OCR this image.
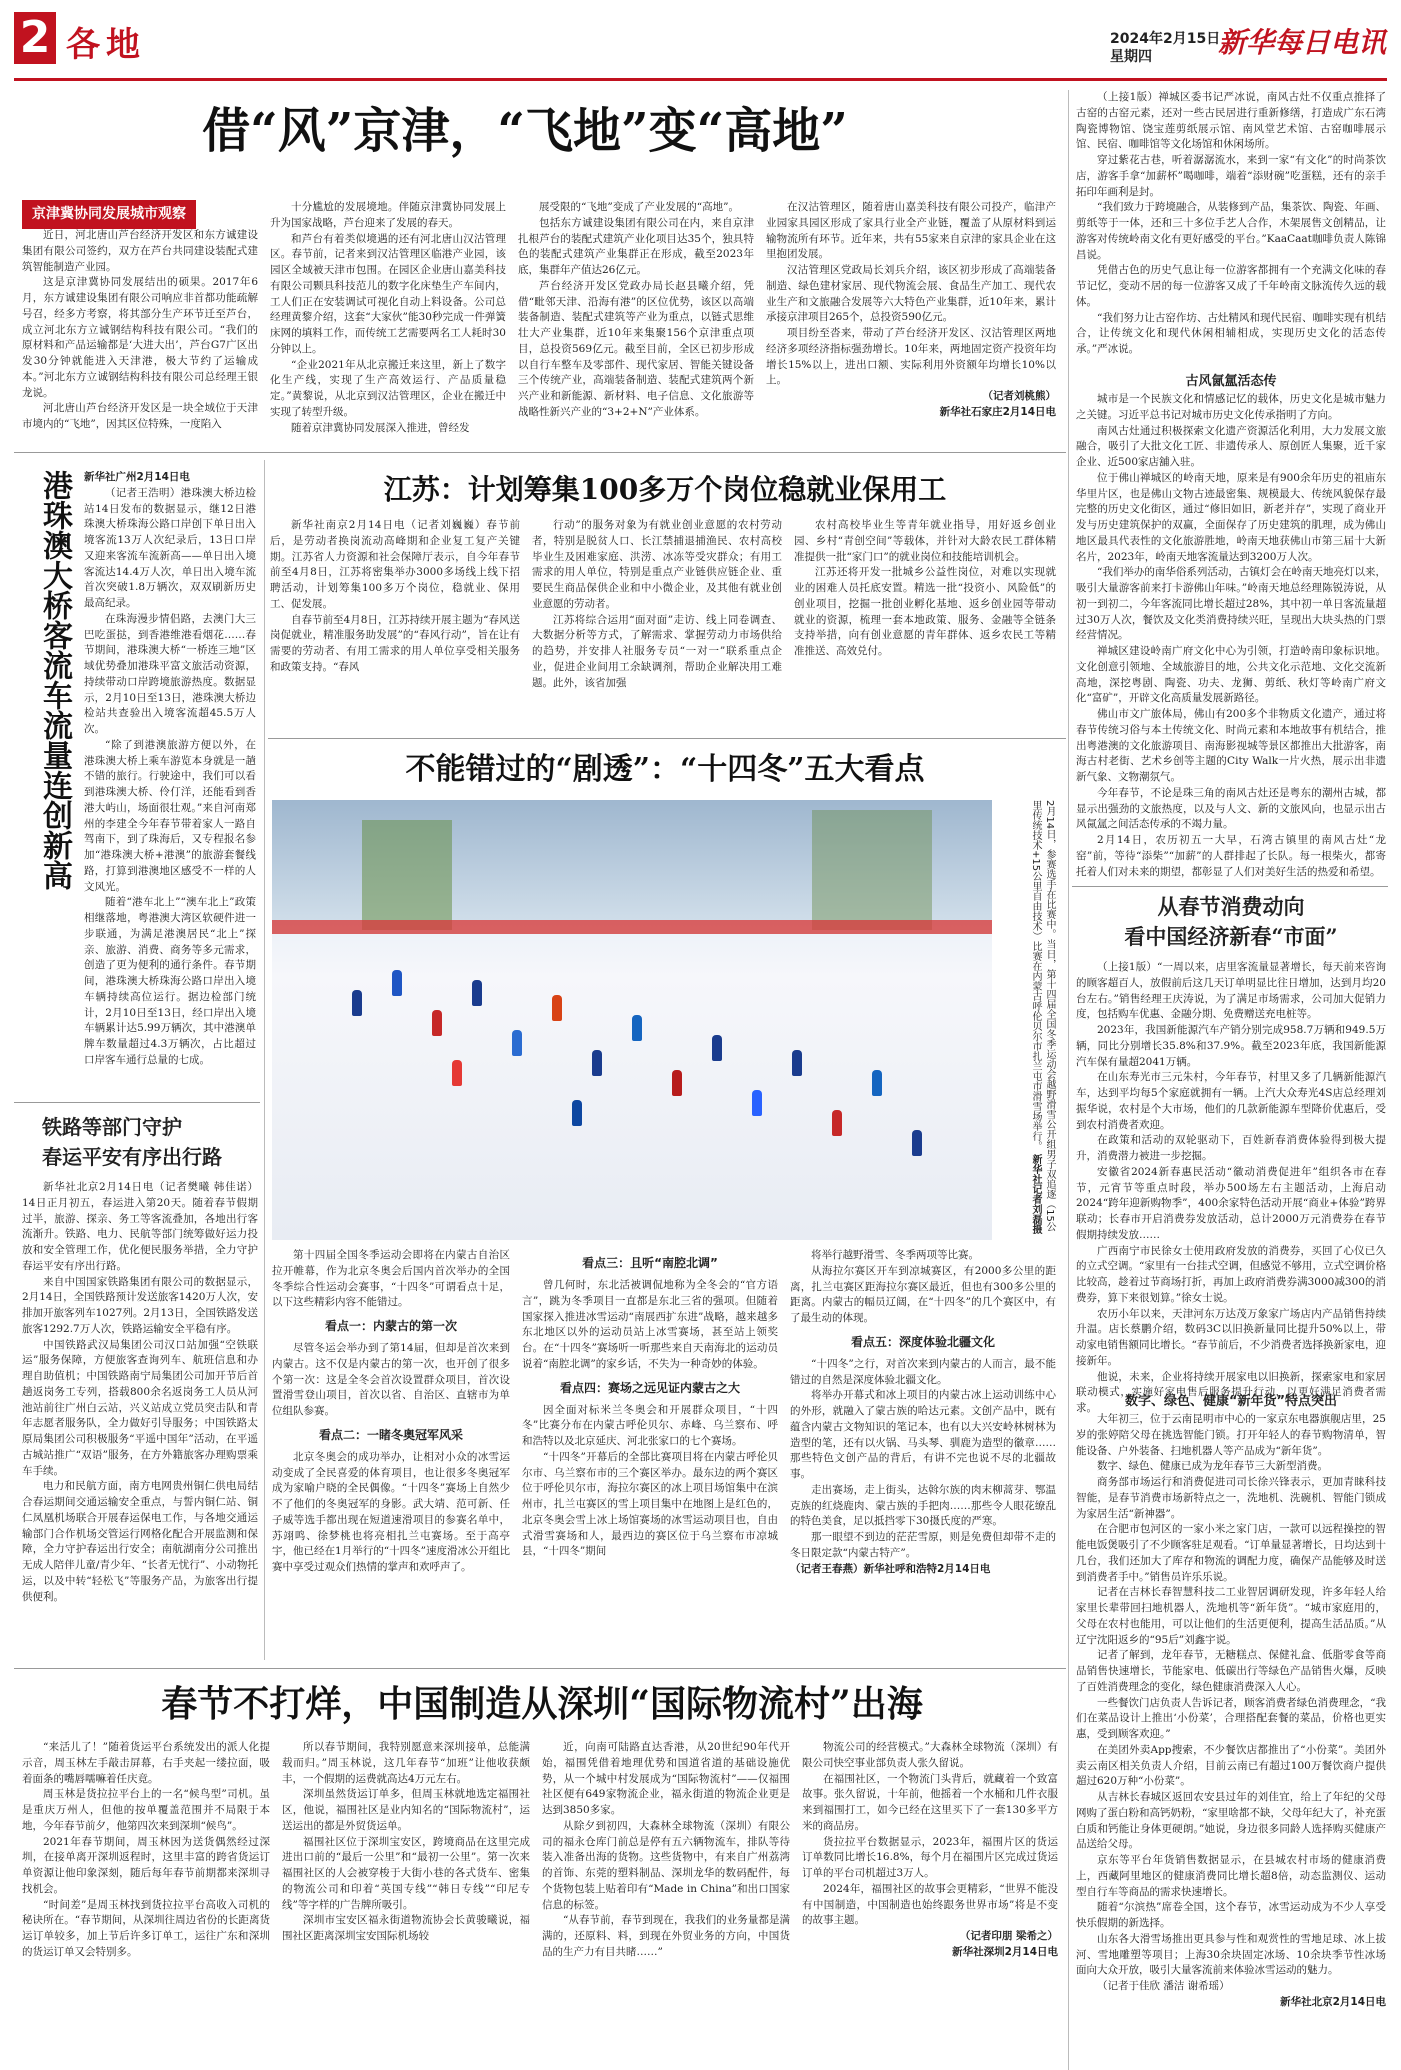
2 各地	2024年2月15日
星期四	新华每日电讯
借“风”京津，“飞地”变“高地”
京津冀协同发展城市观察

近日，河北唐山芦台经济开发区和东方诚建设集团有限公司签约，双方在芦台共同建设装配式建筑智能制造产业园。

这是京津冀协同发展结出的硕果。2017年6月，东方诚建设集团有限公司响应非首都功能疏解号召，经多方考察，将其部分生产环节迁至芦台，成立河北东方立诚钢结构科技有限公司。“我们的原材料和产品运输都是‘大进大出’，芦台G7广区出发30分钟就能进入天津港，极大节约了运输成本。”河北东方立诚钢结构科技有限公司总经理王银龙说。

河北唐山芦台经济开发区是一块全域位于天津市境内的“飞地”，因其区位特殊，一度陷入

十分尴尬的发展境地。伴随京津冀协同发展上升为国家战略，芦台迎来了发展的春天。

和芦台有着类似境遇的还有河北唐山汉沽管理区。春节前，记者来到汉沽管理区临港产业园，该园区全域被天津市包围。在园区企业唐山嘉美科技有限公司颗具科技范儿的数字化床垫生产车间内，工人们正在安装调试可视化自动上料设备。公司总经理黄黎介绍，这套“大家伙”能30秒完成一件弹簧床网的填料工作，而传统工艺需要两名工人耗时30分钟以上。

“企业2021年从北京搬迁来这里，新上了数字化生产线，实现了生产高效运行、产品质量稳定。”黄黎说，从北京到汉沽管理区，企业在搬迁中实现了转型升级。

随着京津冀协同发展深入推进，曾经发

展受限的“飞地”变成了产业发展的“高地”。

包括东方诚建设集团有限公司在内，来自京津扎根芦台的装配式建筑产业化项目达35个，独具特色的装配式建筑产业集群正在形成，截至2023年底，集群年产值达26亿元。

芦台经济开发区党政办局长赵县曦介绍，凭借“毗邻天津、沿海有港”的区位优势，该区以高端装备制造、装配式建筑等产业为重点，以链式思维壮大产业集群，近10年来集聚156个京津重点项目，总投资569亿元。截至目前，全区已初步形成以自行车整车及零部件、现代家居、智能关键设备三个传统产业，高端装备制造、装配式建筑两个新兴产业和新能源、新材料、电子信息、文化旅游等战略性新兴产业的“3+2+N”产业体系。

在汉沽管理区，随着唐山嘉美科技有限公司投产，临津产业园家具园区形成了家具行业全产业链，覆盖了从原材料到运输物流所有环节。近年来，共有55家来自京津的家具企业在这里抱团发展。

汉沽管理区党政局长刘兵介绍，该区初步形成了高端装备制造、绿色建材家居、现代物流会展、食品生产加工、现代农业生产和文旅融合发展等六大特色产业集群，近10年来，累计承接京津项目265个，总投资590亿元。

项目纷至沓来，带动了芦台经济开发区、汉沽管理区两地经济多项经济指标强劲增长。10年来，两地固定资产投资年均增长15%以上，进出口额、实际利用外资额年均增长10%以上。

（记者刘桃熊）
新华社石家庄2月14日电
港珠澳大桥客流车流量连创新高 新华社广州2月14日电

（记者王浩明）港珠澳大桥边检站14日发布的数据显示，继12日港珠澳大桥珠海公路口岸创下单日出入境客流13万人次纪录后，13日口岸又迎来客流车流新高——单日出入境客流达14.4万人次，单日出入境车流首次突破1.8万辆次，双双刷新历史最高纪录。

在珠海漫步情侣路，去澳门大三巴吃蛋挞，到香港维港看烟花……春节期间，港珠澳大桥“一桥连三地”区域优势叠加港珠平富文旅活动资源，持续带动口岸跨境旅游热度。数据显示，2月10日至13日，港珠澳大桥边检站共查验出入境客流超45.5万人次。

“除了到港澳旅游方便以外，在港珠澳大桥上乘车游览本身就是一趟不错的旅行。行驶途中，我们可以看到港珠澳大桥、伶仃洋，还能看到香港大屿山，场面很壮观。”来自河南郑州的李建全今年春节带着家人一路自驾南下，到了珠海后，又专程报名参加“港珠澳大桥+港澳”的旅游套餐线路，打算到港澳地区感受不一样的人文风光。

随着“港车北上”“澳车北上”政策相继落地，粤港澳大湾区软硬件进一步联通，为满足港澳居民“北上”探亲、旅游、消费、商务等多元需求，创造了更为便利的通行条件。春节期间，港珠澳大桥珠海公路口岸出入境车辆持续高位运行。据边检部门统计，2月10日至13日，经口岸出入境车辆累计达5.99万辆次，其中港澳单牌车数量超过4.3万辆次，占比超过口岸客车通行总量的七成。

铁路等部门守护
春运平安有序出行路

新华社北京2月14日电（记者樊曦 韩佳诺）14日正月初五，春运进入第20天。随着春节假期过半，旅游、探亲、务工等客流叠加，各地出行客流渐升。铁路、电力、民航等部门统筹做好运力投放和安全管理工作，优化便民服务举措，全力守护春运平安有序出行路。

来自中国国家铁路集团有限公司的数据显示，2月14日，全国铁路预计发送旅客1420万人次，安排加开旅客列车1027列。2月13日，全国铁路发送旅客1292.7万人次，铁路运输安全平稳有序。

中国铁路武汉局集团公司汉口站加强“空铁联运”服务保障，方便旅客查询列车、航班信息和办理自助值机；中国铁路南宁局集团公司加开节后首趟返岗务工专列，搭载800余名返岗务工人员从河池站前往广州白云站，兴义站成立党员突击队和青年志愿者服务队，全力做好引导服务；中国铁路太原局集团公司积极服务“平遥中国年”活动，在平遥古城站推广“双语”服务，在方外籍旅客办理购票乘车手续。

电力和民航方面，南方电网贵州铜仁供电局结合春运期间交通运输安全重点，与誓内铜仁站、铜仁凤凰机场联合开展春运保电工作，与各地交通运输部门合作机场交管运行网格化配合开展监测和保障，全力守护春运出行安全；南航湖南分公司推出无成人陪伴儿童/青少年、“长者无忧行”、小动物托运，以及中转“轻松飞”等服务产品，为旅客出行提供便利。

江苏：计划筹集100多万个岗位稳就业保用工

新华社南京2月14日电（记者刘巍巍）春节前后，是劳动者换岗流动高峰期和企业复工复产关键期。江苏省人力资源和社会保障厅表示，自今年春节前至4月8日，江苏将密集举办3000多场线上线下招聘活动，计划筹集100多万个岗位，稳就业、保用工、促发展。

自春节前至4月8日，江苏持续开展主题为“春风送岗促就业，精准服务助发展”的“春风行动”，旨在让有需要的劳动者、有用工需求的用人单位享受相关服务和政策支持。“春风

行动”的服务对象为有就业创业意愿的农村劳动者，特别是脱贫人口、长江禁捕退捕渔民、农村高校毕业生及困难家庭、洪涝、冰冻等受灾群众；有用工需求的用人单位，特别是重点产业链供应链企业、重要民生商品保供企业和中小微企业，及其他有就业创业意愿的劳动者。

江苏将综合运用“面对面”走访、线上同卷调查、大数据分析等方式，了解需求、掌握劳动力市场供给的趋势，并安排人社服务专员“一对一”联系重点企业，促进企业间用工余缺调剂，帮助企业解决用工难题。此外，该省加强

农村高校毕业生等青年就业指导，用好返乡创业园、乡村“青创空间”等载体，并针对大龄农民工群体精准提供一批“家门口”的就业岗位和技能培训机会。

江苏还将开发一批城乡公益性岗位，对难以实现就业的困难人员托底安置。精选一批“投资小、风险低”的创业项目，挖掘一批创业孵化基地、返乡创业园等带动就业的资源，梳理一套本地政策、服务、金融等全链条支持举措，向有创业意愿的青年群体、返乡农民工等精准推送、高效兑付。

不能错过的“剧透”：“十四冬”五大看点
2月14日，参赛选手在比赛中。当日，第十四届全国冬季运动会越野滑雪公开组男子双追逐（15公里传统技术+15公里自由技术）比赛在内蒙古呼伦贝尔市扎兰屯市滑雪场举行。 新华社记者刘磊摄

第十四届全国冬季运动会即将在内蒙古自治区拉开帷幕，作为北京冬奥会后国内首次举办的全国冬季综合性运动会赛事，“十四冬”可谓看点十足，以下这些精彩内容不能错过。

看点一：内蒙古的第一次

尽管冬运会举办到了第14届，但却是首次来到内蒙古。这不仅是内蒙古的第一次，也开创了很多个第一次：这是全冬会首次设置群众项目，首次设置滑雪登山项目，首次以省、自治区、直辖市为单位组队参赛。

看点二：一睹冬奥冠军风采

北京冬奥会的成功举办，让相对小众的冰雪运动变成了全民喜爱的体育项目，也让很多冬奥冠军成为家喻户晓的全民偶像。“十四冬”赛场上自然少不了他们的冬奥冠军的身影。武大靖、范可新、任子威等选手都出现在短道速滑项目的参赛名单中，苏翊鸣、徐梦桃也将亮相扎兰屯赛场。至于高亭宇，他已经在1月举行的“十四冬”速度滑冰公开组比赛中享受过观众们热情的掌声和欢呼声了。

看点三：且听“南腔北调”

曾几何时，东北活被调侃地称为全冬会的“官方语言”，跳为冬季项目一直都是东北三省的强项。但随着国家探入推进冰雪运动“南展西扩东进”战略，越来越多东北地区以外的运动员站上冰雪赛场，甚至站上领奖台。在“十四冬”赛场听一听那些来自天南海北的运动员说着“南腔北调”的家乡话，不失为一种奇妙的体验。

看点四：赛场之远见证内蒙古之大

因全面对标米兰冬奥会和开展群众项目，“十四冬”比赛分布在内蒙古呼伦贝尔、赤峰、乌兰察布、呼和浩特以及北京延庆、河北张家口的七个赛场。

“十四冬”开幕后的全部比赛项目将在内蒙古呼伦贝尔市、乌兰察布市的三个赛区举办。最东边的两个赛区位于呼伦贝尔市，海拉尔赛区的冰上项目场馆集中在滨州市，扎兰屯赛区的雪上项目集中在地图上是红色的，北京冬奥会雪上冰上场馆赛场的冰雪运动项目也，自由式滑雪赛场和人，最西边的赛区位于乌兰察布市凉城县，“十四冬”期间

将举行越野滑雪、冬季两项等比赛。

从海拉尔赛区开车到凉城赛区，有2000多公里的距离，扎兰屯赛区距海拉尔赛区最近，但也有300多公里的距离。内蒙古的幅员辽阔，在“十四冬”的几个赛区中，有了最生动的体现。

看点五：深度体验北疆文化

“十四冬”之行，对首次来到内蒙古的人而言，最不能错过的自然是深度体验北疆文化。

将举办开幕式和冰上项目的内蒙古冰上运动训练中心的外形，就融入了蒙古族的哈达元素。文创产品中，既有蕴含内蒙古文物知识的笔记本，也有以大兴安岭林树林为造型的笔，还有以火锅、马头琴、驯鹿为造型的徽章……那些特色文创产品的背后，有讲不完也说不尽的北疆故事。

走出赛场，走上街头，达斡尔族的肉末柳蒿芽、鄂温克族的红烧鹿肉、蒙古族的手把肉……那些令人眼花缭乱的特色美食，足以抵挡零下30摄氏度的严寒。

那一眼望不到边的茫茫雪原，则是免费但却带不走的冬日限定款“内蒙古特产”。

（记者王春燕）新华社呼和浩特2月14日电
春节不打烊，中国制造从深圳“国际物流村”出海

“来活儿了！”随着货运平台系统发出的派人化提示音，周玉林左手敲击屏幕，右手夹起一缕拉面，吸着面条的嘴唇嚅嘛着任庆竟。

周玉林是货拉拉平台上的一名“候鸟型”司机。虽是重庆万州人，但他的按单覆盖范围并不局限于本地，今年春节前夕，他第四次来到深圳“候鸟”。

2021年春节期间，周玉林因为送货偶然经过深圳，在接单离开深圳返程时，这里丰富的跨省货运订单资源让他印象深刻，随后每年春节前期都来深圳寻找机会。

“时间差”是周玉林找到货拉拉平台高收入司机的秘诀所在。“春节期间，从深圳往周边省份的长距离货运订单较多，加上节后许多订单工，运往广东和深圳的货运订单又会特别多。

所以春节期间，我特别愿意来深圳接单，总能满载而归。”周玉林说，这几年春节“加班”让他收获颇丰，一个假期的运费就高达4万元左右。

深圳虽然货运订单多，但周玉林就地选定福围社区，他说，福围社区是业内知名的“国际物流村”，运送运出的都是外贸货运单。

福围社区位于深圳宝安区，跨境商品在这里完成进出口前的“最后一公里”和“最初一公里”。第一次来福围社区的人会被穿梭于大街小巷的各式货车、密集的物流公司和印着“英国专线”“韩日专线”“印尼专线”等字样的广告牌所吸引。

深圳市宝安区福永街道物流协会长黄骏曦说，福围社区距离深圳宝安国际机场较

近，向南可陆路直达香港，从20世纪90年代开始，福围凭借着地理优势和国道省道的基础设施优势，从一个城中村发展成为“国际物流村”——仅福围社区便有649家物流企业，福永街道的物流企业更是达到3850多家。

从除夕到初四，大森林全球物流（深圳）有限公司的福永仓库门前总是停有五六辆物流车，排队等待装入准备出海的货物。这些货物中，有来自广州荔湾的首饰、东莞的塑料制品、深圳龙华的数码配件，每个货物包装上贴着印有“Made in China”和出口国家信息的标签。

“从春节前，春节到现在，我我们的业务量都是满满的，还原料、料，到现在外贸业务的方向，中国货品的生产力有目共睹……”

物流公司的经营模式。”大森林全球物流（深圳）有限公司快空事业部负责人张久留说。

在福围社区，一个物流门头背后，就藏着一个致富故事。张久留说，十年前，他摇着一个水桶和几件衣服来到福围打工，如今已经在这里买下了一套130多平方米的商品房。

货拉拉平台数据显示，2023年，福围片区的货运订单数同比增长16.8%，每个月在福围片区完成过货运订单的平台司机超过3万人。

2024年，福围社区的故事会更精彩，“世界不能没有中国制造，中国制造也始终跟务世界市场”将是不变的故事主题。

（记者印朋 梁希之）
新华社深圳2月14日电

（上接1版）禅城区委书记严冰说，南风古灶不仅重点推择了古窑的古窑元素，还对一些古民居进行重新修缮，打造成广东石湾陶瓷博物馆、饶宝莲剪纸展示馆、南风堂艺术馆、古窑咖啡展示馆、民宿、咖啡馆等文化场馆和休闲场所。

穿过紫花古巷，听着潺潺流水，来到一家“有文化”的时尚茶饮店，游客手拿“加薪杯”喝咖啡，端着“添财碗”吃蛋糕，还有的亲手拓印年画利是封。

“我们致力于跨境融合，从装修到产品，集茶饮、陶瓷、年画、剪纸等于一体，还和三十多位手艺人合作，木架展售文创精品，让游客对传统岭南文化有更好感受的平台。”KaaCaat咖啡负责人陈锦昌说。

凭借古色的历史气息让每一位游客都拥有一个充满文化味的春节记忆，变动不居的每一位游客又成了千年岭南文脉流传久远的载体。

“我们努力让古窑作坊、古灶精风和现代民宿、咖啡实现有机结合，让传统文化和现代休闲相辅相成，实现历史文化的活态传承。”严冰说。

古风氤氲活态传

城市是一个民族文化和情感记忆的载体，历史文化是城市魅力之关键。习近平总书记对城市历史文化传承指明了方向。

南风古灶通过积极探索文化遗产资源活化利用，大力发展文旅融合，吸引了大批文化工匠、非遗传承人、原创匠人集聚，近千家企业、近500家店舖入驻。

位于佛山禅城区的岭南天地，原来是有900余年历史的祖庙东华里片区，也是佛山文物古迹最密集、规模最大、传统风貌保存最完整的历史文化街区，通过“修旧如旧，新老并存”，实现了商业开发与历史建筑保护的双赢，全面保存了历史建筑的肌理，成为佛山地区最具代表性的文化旅游胜地，岭南天地获佛山市第三届十大新名片，2023年，岭南天地客流量达到3200万人次。

“我们举办的南华俗系列活动，古镇灯会在岭南天地亮灯以来，吸引大量游客前来打卡游佛山年味。”岭南天地总经理陈锐涛说，从初一到初二，今年客流同比增长超过28%，其中初一单日客流量超过30万人次，餐饮及文化类消费持续兴旺，呈现出大块头热的门票经营情况。

禅城区建设岭南广府文化中心为引领，打造岭南印象标识地。文化创意引领地、全域旅游目的地，公共文化示范地、文化交流新高地，深挖粤剧、陶瓷、功夫、龙狮、剪纸、秋灯等岭南广府文化“富矿”，开辟文化高质量发展新路径。

佛山市文广旅体局，佛山有200多个非物质文化遗产，通过将春节传统习俗与本土传统文化、时尚元素和本地故事有机结合，推出粤港澳的文化旅游项目、南海影视城等景区都推出大批游客，南海古村老街、艺术乡创等主题的City Walk一片火热，展示出非遗新气象、文物潮氛气。

今年春节，不论是珠三角的南风古灶还是粤东的潮州古城，都显示出强劲的文旅热度，以及与人文、新的文旅风向，也显示出古风氤氲之间活态传承的不竭力量。

2月14日，农历初五一大早，石湾古镇里的南风古灶“龙窑”前，等待“添柴”“加薪”的人群排起了长队。每一根柴火，都寄托着人们对未来的期望，都彰显了人们对美好生活的热爱和希望。

从春节消费动向
看中国经济新春“市面”

（上接1版）“一周以来，店里客流量显著增长，每天前来咨询的顾客超百人，放假前后这几天订单明显比往日增加，达到月均20台左右。”销售经理王庆涛说，为了满足市场需求，公司加大促销力度，包括购车优惠、金融分期、免费赠送充电桩等。

2023年，我国新能源汽车产销分别完成958.7万辆和949.5万辆，同比分别增长35.8%和37.9%。截至2023年底，我国新能源汽车保有量超2041万辆。

在山东寿光市三元朱村，今年春节，村里又多了几辆新能源汽车，达到平均每5个家庭就拥有一辆。上汽大众寿光4S店总经理刘振华说，农村是个大市场，他们的几款新能源车型降价优惠后，受到农村消费者欢迎。

在政策和活动的双轮驱动下，百姓新春消费体验得到极大提升，消费潜力被进一步挖掘。

安徽省2024新春惠民活动“徽动消费促进年”组织各市在春节，元宵节等重点时段，举办500场左右主题活动，上海启动2024“跨年迎新购物季”，400余家特色活动开展“商业+体验”跨界联动；长春市开启消费券发放活动，总计2000万元消费券在春节假期持续发放……

广西南宁市民徐女士使用政府发放的消费券，买回了心仪已久的立式空调。“家里有一台挂式空调，但感觉不够用，立式空调价格比较高，趁着过节商场打折，再加上政府消费券满3000减300的消费券，算下来很划算。”徐女士说。

农历小年以来，天津河东万达茂万象家广场店内产品销售持续升温。店长蔡鹏介绍，数码3C以旧换新量同比提升50%以上，带动家电销售额同比增长。“春节前后，不少消费者选择换新家电，迎接新年。

他说，未来，企业将持续开展家电以旧换新，探索家电和家居联动模式，实施好家电售后服务提升行动，以更好满足消费者需求。	数字、绿色、健康“新年货”特点突出

大年初三，位于云南昆明市中心的一家京东电器旗舰店里，25岁的张婷陪父母在挑选智能门锁。打开年轻人的春节购物清单，智能设备、户外装备、扫地机器人等产品成为“新年货”。

数字、绿色、健康已成为龙年春节三大新型消费。

商务部市场运行和消费促进司司长徐兴锋表示，更加青睐科技智能，是春节消费市场新特点之一，洗地机、洗碗机、智能门锁成为家居生活“新神器”。

在合肥市包河区的一家小米之家门店，一款可以远程操控的智能电饭煲吸引了不少顾客驻足观看。“订单量显著增长，日均达到十几台，我们还加大了库存和物流的调配力度，确保产品能够及时送到消费者手中。”销售员许乐乐说。

记者在吉林长春智慧科技二工业智居调研发现，许多年轻人给家里长辈带回扫地机器人，洗地机等“新年货”。“城市家庭用的，父母在农村也能用，可以让他们的生活更便利，提高生活品质。”从辽宁沈阳返乡的“95后”刘鑫宇说。

记者了解到，龙年春节，无糖糕点、保健礼盒、低脂零食等商品销售快速增长，节能家电、低碳出行等绿色产品销售火爆，反映了百姓消费理念的变化，绿色健康消费深入人心。

一些餐饮门店负责人告诉记者，顾客消费者绿色消费理念，“我们在菜品设计上推出‘小份菜’，合理搭配套餐的菜品，价格也更实惠，受到顾客欢迎。”

在美团外卖App搜索，不少餐饮店都推出了“小份菜”。美团外卖云南区相关负责人介绍，目前云南已有超过100万餐饮商户提供超过620万种“小份菜”。

从吉林长春城区返回农安县过年的刘佳宜，给上了年纪的父母网购了蛋白粉和高钙奶粉，“家里啥都不缺，父母年纪大了，补充蛋白质和钙能让身体更硬朗。”她说，身边很多同龄人选择购买健康产品送给父母。

京东等平台年货销售数据显示，在县城农村市场的健康消费上，西藏阿里地区的健康消费同比增长超8倍，动态监测仪、运动型自行车等商品的需求快速增长。

随着“尔滨热”席卷全国，这个春节，冰雪运动成为不少人享受快乐假期的新选择。

山东各大滑雪场推出更具参与性和观赏性的雪地足球、冰上拔河、雪地雕塑等项目；上海30余块固定冰场、10余块季节性冰场面向大众开放，吸引大量客流前来体验冰雪运动的魅力。

（记者于佳欣 潘洁 谢希瑶）

新华社北京2月14日电
